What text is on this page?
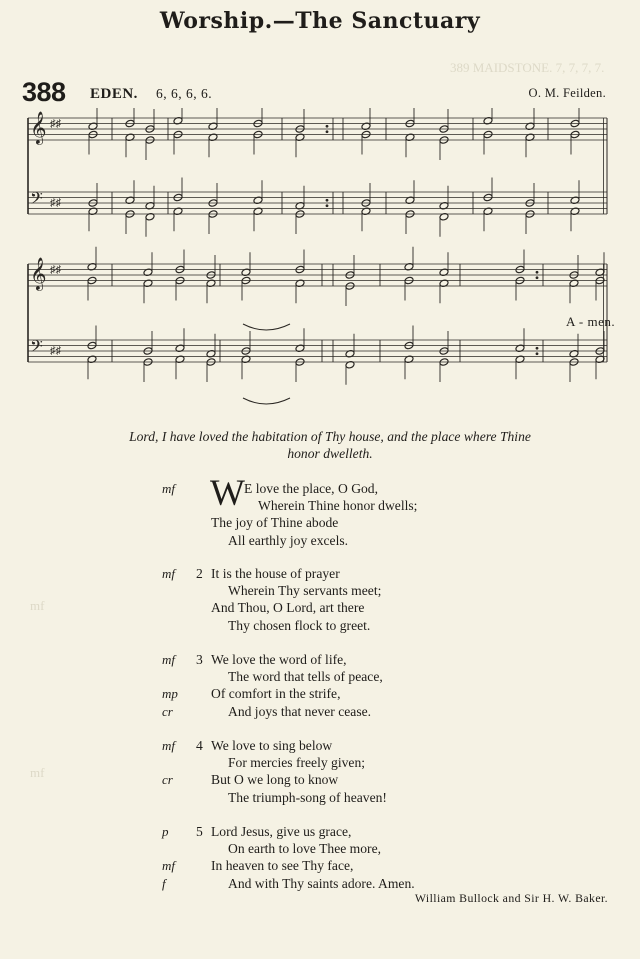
Worship.—The Sanctuary
388 EDEN. 6, 6, 6, 6.	O. M. Feilden.
389 MAIDSTONE. 7, 7, 7, 7.
mf
mf
𝄞 ♯♯
𝄢 ♯♯
𝄞 ♯♯
𝄢 ♯♯
A - men.
Lord, I have loved the habitation of Thy house, and the place where Thine
honor dwelleth.
W
mf	E love the place, O God,
Wherein Thine honor dwells;
The joy of Thine abode
All earthly joy excels.
2
mf	It is the house of prayer
Wherein Thy servants meet;
And Thou, O Lord, art there
Thy chosen flock to greet.
3
mf	We love the word of life,
The word that tells of peace,
mp Of comfort in the strife,
cr	And joys that never cease.
4
mf	We love to sing below
For mercies freely given;
cr	But O we long to know
The triumph-song of heaven!
5
p	Lord Jesus, give us grace,
On earth to love Thee more,
mf	In heaven to see Thy face,
f	And with Thy saints adore. Amen.
William Bullock and Sir H. W. Baker.
